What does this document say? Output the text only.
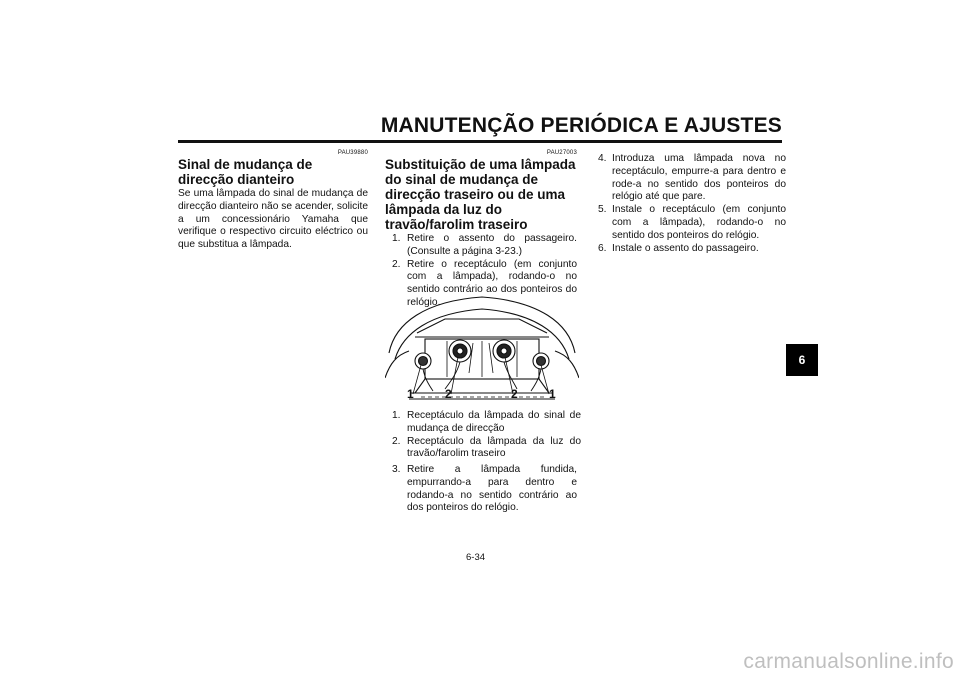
MANUTENÇÃO PERIÓDICA E AJUSTES
PAU39880
Sinal de mudança de direcção dianteiro

Se uma lâmpada do sinal de mudança de direcção dianteiro não se acender, solicite a um concessionário Yamaha que verifique o respectivo circuito eléctrico ou que substitua a lâmpada.

PAU27003
Substituição de uma lâmpada do sinal de mudança de direcção traseiro ou de uma lâmpada da luz do travão/farolim traseiro
1. Retire o assento do passageiro. (Consulte a página 3-23.)
2. Retire o receptáculo (em conjunto com a lâmpada), rodando-o no sentido contrário ao dos ponteiros do relógio.
1	2	2	1
1. Receptáculo da lâmpada do sinal de mudança de direcção
2. Receptáculo da lâmpada da luz do travão/farolim traseiro
3. Retire a lâmpada fundida, empurrando-a para dentro e rodando-a no sentido contrário ao dos ponteiros do relógio.
4. Introduza uma lâmpada nova no receptáculo, empurre-a para dentro e rode-a no sentido dos ponteiros do relógio até que pare.
5. Instale o receptáculo (em conjunto com a lâmpada), rodando-o no sentido dos ponteiros do relógio.
6. Instale o assento do passageiro.
6-34
6
carmanualsonline.info
